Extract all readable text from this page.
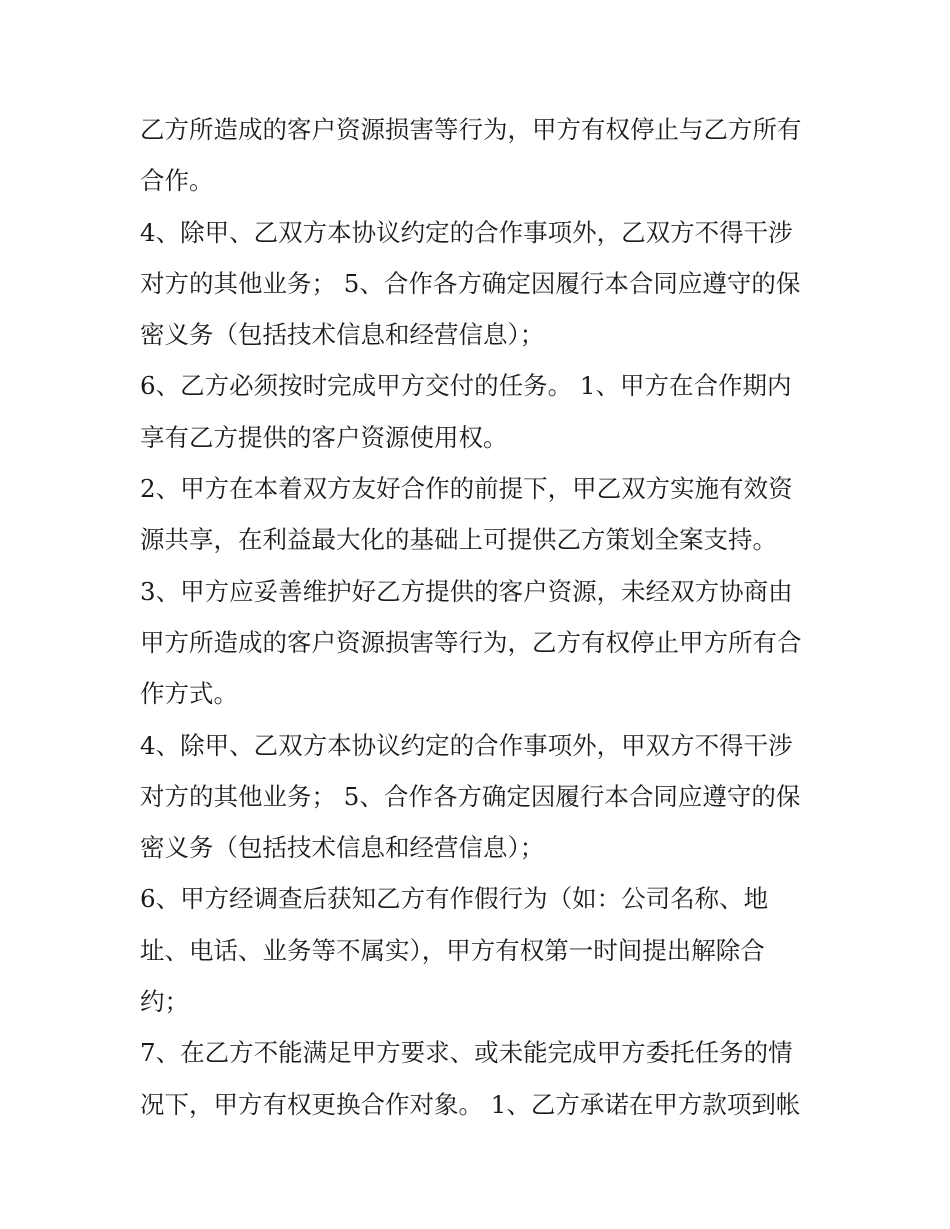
乙方所造成的客户资源损害等行为，甲方有权停止与乙方所有
合作。
4、除甲、乙双方本协议约定的合作事项外，乙双方不得干涉
对方的其他业务； 5、合作各方确定因履行本合同应遵守的保
密义务（包括技术信息和经营信息）；
6、乙方必须按时完成甲方交付的任务。 1、甲方在合作期内
享有乙方提供的客户资源使用权。
2、甲方在本着双方友好合作的前提下，甲乙双方实施有效资
源共享，在利益最大化的基础上可提供乙方策划全案支持。
3、甲方应妥善维护好乙方提供的客户资源，未经双方协商由
甲方所造成的客户资源损害等行为，乙方有权停止甲方所有合
作方式。
4、除甲、乙双方本协议约定的合作事项外，甲双方不得干涉
对方的其他业务； 5、合作各方确定因履行本合同应遵守的保
密义务（包括技术信息和经营信息）；
6、甲方经调查后获知乙方有作假行为（如：公司名称、地
址、电话、业务等不属实），甲方有权第一时间提出解除合
约；
7、在乙方不能满足甲方要求、或未能完成甲方委托任务的情
况下，甲方有权更换合作对象。 1、乙方承诺在甲方款项到帐
